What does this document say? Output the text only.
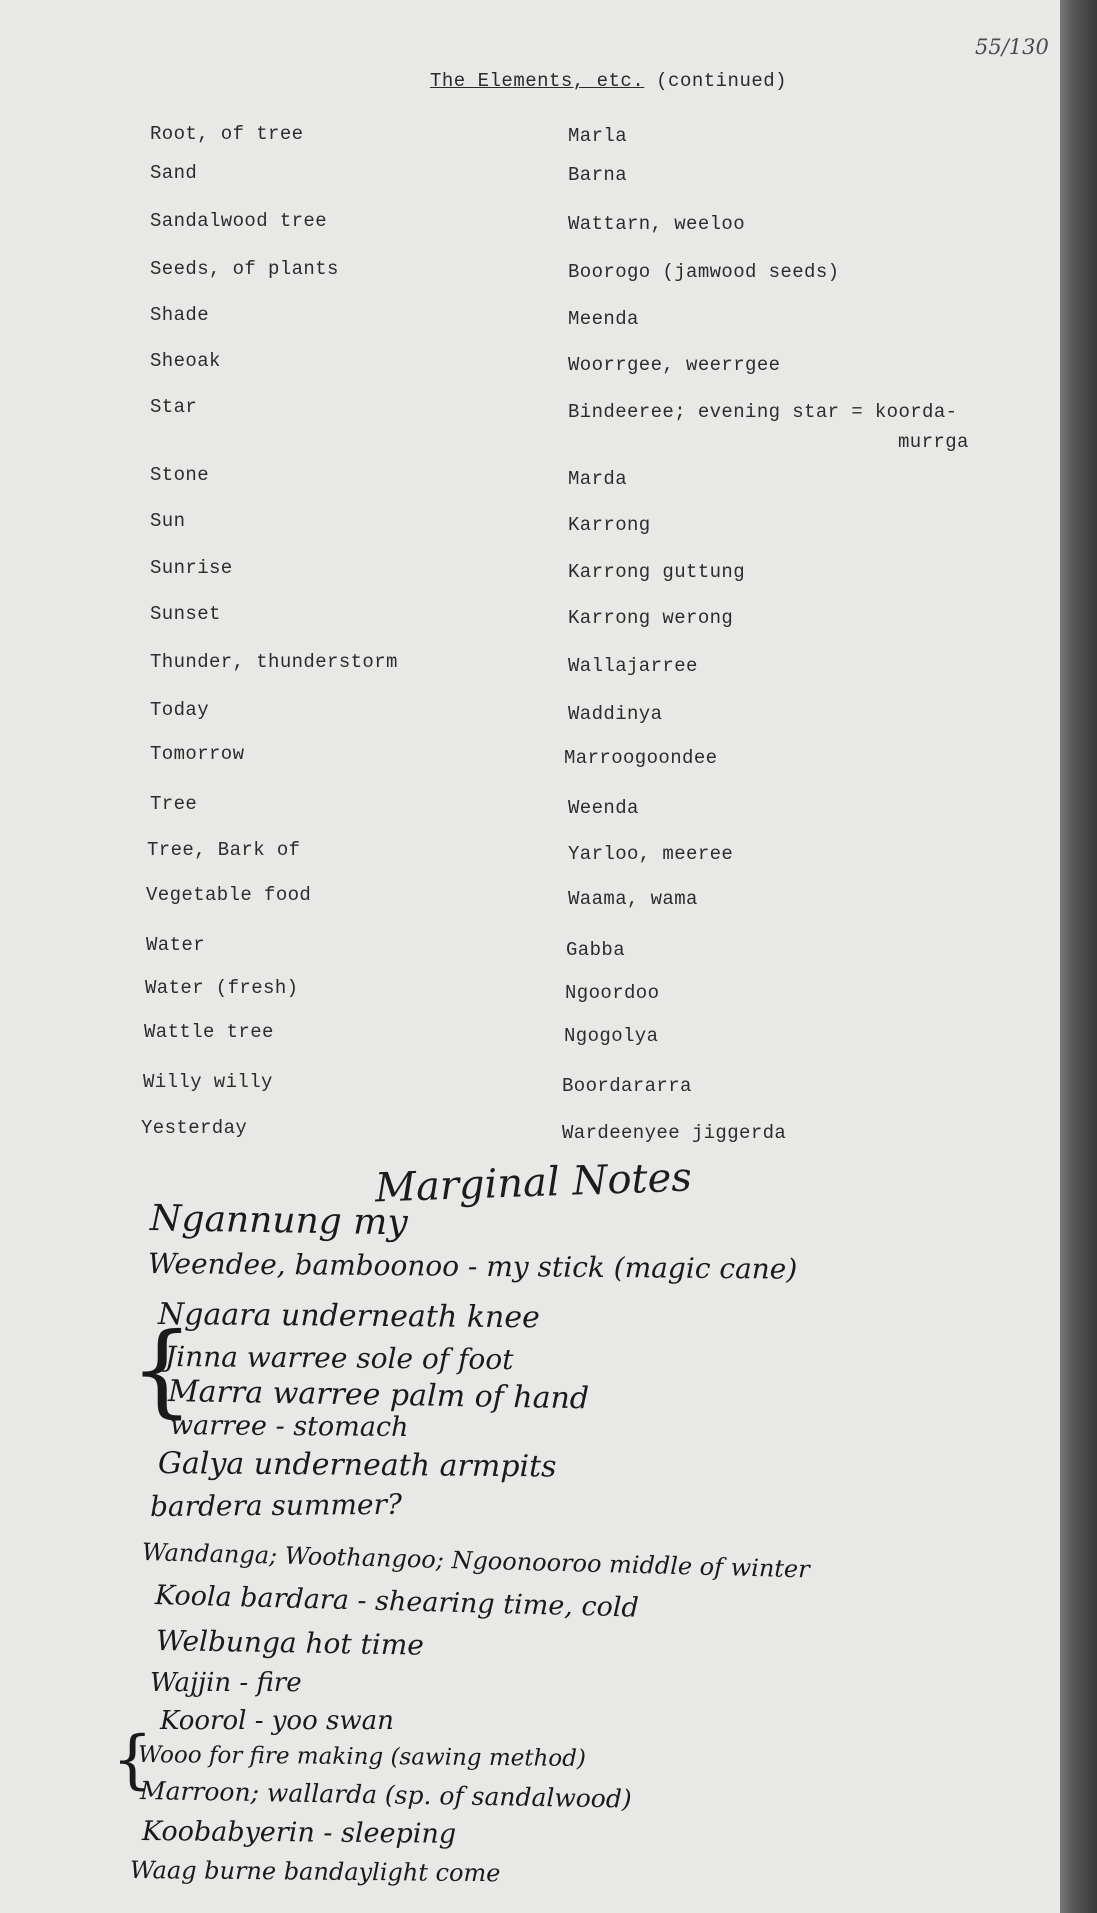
55/130
The Elements, etc. (continued)
Root, of tree	Marla
Sand	Barna
Sandalwood tree	Wattarn, weeloo
Seeds, of plants	Boorogo (jamwood seeds)
Shade	Meenda
Sheoak	Woorrgee, weerrgee
Star	Bindeeree; evening star = koorda-
murrga
Stone	Marda
Sun	Karrong
Sunrise	Karrong guttung
Sunset	Karrong werong
Thunder, thunderstorm	Wallajarree
Today	Waddinya
Tomorrow	Marroogoondee
Tree	Weenda
Tree, Bark of	Yarloo, meeree
Vegetable food	Waama, wama
Water	Gabba
Water (fresh)	Ngoordoo
Wattle tree	Ngogolya
Willy willy	Boordararra
Yesterday	Wardeenyee jiggerda
Marginal Notes
Ngannung my
Weendee, bamboonoo - my stick (magic cane)
Ngaara underneath knee
{
Jinna warree sole of foot
Marra warree palm of hand
warree - stomach
Galya underneath armpits
bardera summer?
Wandanga; Woothangoo; Ngoonooroo middle of winter
Koola bardara - shearing time, cold
Welbunga hot time
Wajjin - fire
Koorol - yoo swan
{
Wooo for fire making (sawing method)
Marroon; wallarda (sp. of sandalwood)
Koobabyerin - sleeping
Waag burne bandaylight come
